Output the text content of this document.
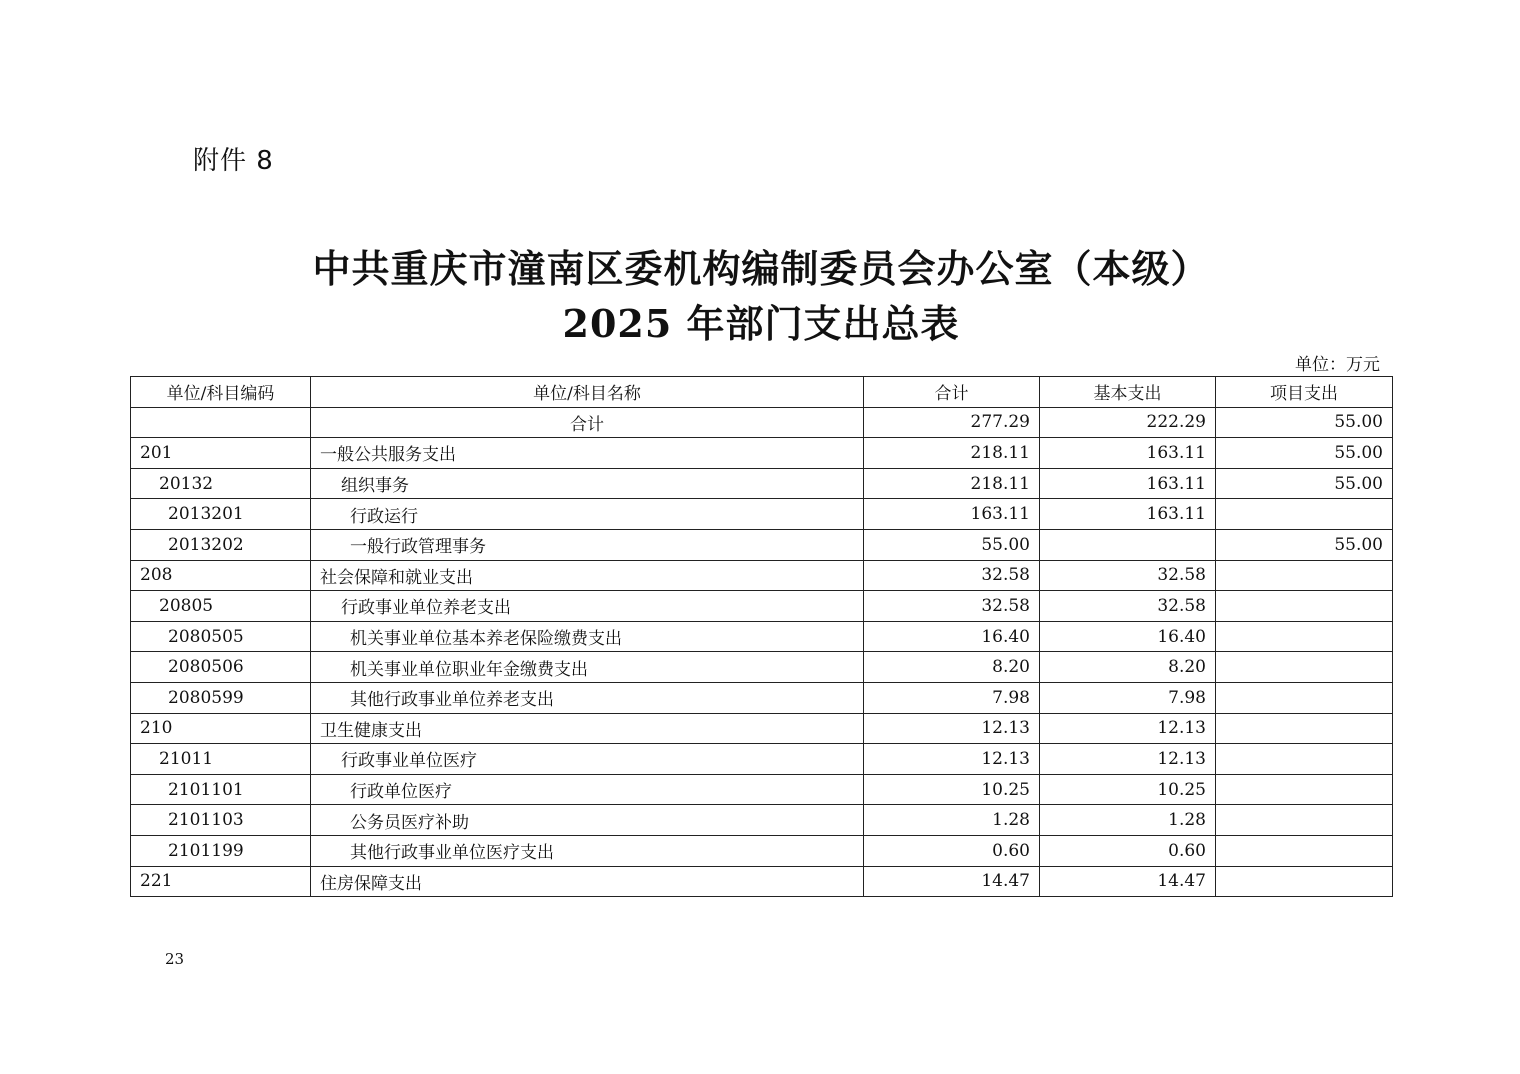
附件 8
中共重庆市潼南区委机构编制委员会办公室（本级）
2025 年部门支出总表
单位：万元
单位/科目编码	单位/科目名称	合计	基本支出	项目支出
	合计	277.29	222.29	55.00
201	一般公共服务支出	218.11	163.11	55.00
20132	组织事务	218.11	163.11	55.00
2013201	行政运行	163.11	163.11	
2013202	一般行政管理事务	55.00		55.00
208	社会保障和就业支出	32.58	32.58	
20805	行政事业单位养老支出	32.58	32.58	
2080505	机关事业单位基本养老保险缴费支出	16.40	16.40	
2080506	机关事业单位职业年金缴费支出	8.20	8.20	
2080599	其他行政事业单位养老支出	7.98	7.98	
210	卫生健康支出	12.13	12.13	
21011	行政事业单位医疗	12.13	12.13	
2101101	行政单位医疗	10.25	10.25	
2101103	公务员医疗补助	1.28	1.28	
2101199	其他行政事业单位医疗支出	0.60	0.60	
221	住房保障支出	14.47	14.47	
23
